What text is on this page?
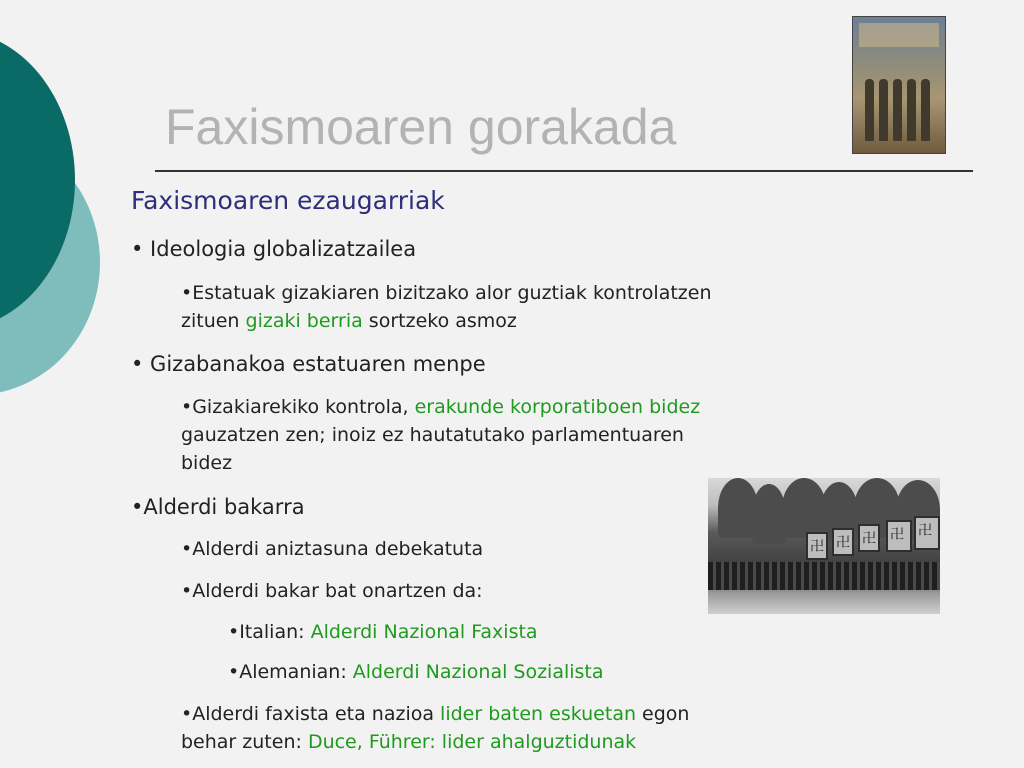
Faxismoaren gorakada
卍
卍
卍
卍
卍
Faxismoaren ezaugarriak
• Ideologia globalizatzailea
•Estatuak gizakiaren bizitzako alor guztiak kontrolatzen
zituen gizaki berria sortzeko asmoz
• Gizabanakoa estatuaren menpe
•Gizakiarekiko kontrola, erakunde korporatiboen bidez
gauzatzen zen; inoiz ez hautatutako parlamentuaren
bidez
•Alderdi bakarra
•Alderdi aniztasuna debekatuta
•Alderdi bakar bat onartzen da:
•Italian: Alderdi Nazional Faxista
•Alemanian: Alderdi Nazional Sozialista
•Alderdi faxista eta nazioa lider baten eskuetan egon
behar zuten: Duce, Führer: lider ahalguztidunak
